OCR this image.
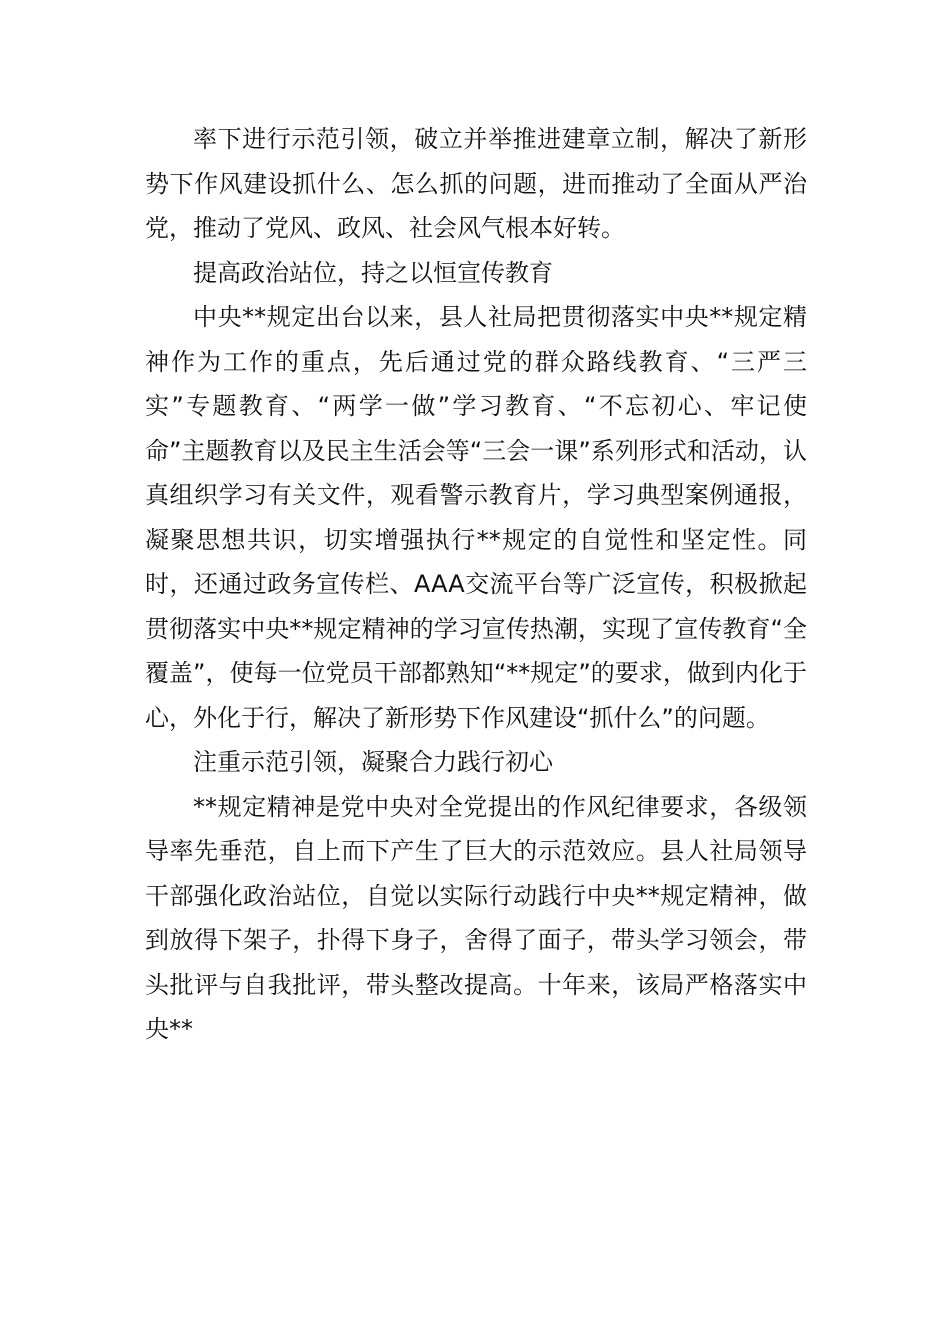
率下进行示范引领，破立并举推进建章立制，解决了新形势下作风建设抓什么、怎么抓的问题，进而推动了全面从严治党，推动了党风、政风、社会风气根本好转。

提高政治站位，持之以恒宣传教育

中央**规定出台以来，县人社局把贯彻落实中央**规定精神作为工作的重点，先后通过党的群众路线教育、“三严三实”专题教育、“两学一做”学习教育、“不忘初心、牢记使命”主题教育以及民主生活会等“三会一课”系列形式和活动，认真组织学习有关文件，观看警示教育片，学习典型案例通报，凝聚思想共识，切实增强执行**规定的自觉性和坚定性。同时，还通过政务宣传栏、AAA交流平台等广泛宣传，积极掀起贯彻落实中央**规定精神的学习宣传热潮，实现了宣传教育“全覆盖”，使每一位党员干部都熟知“**规定”的要求，做到内化于心，外化于行，解决了新形势下作风建设“抓什么”的问题。

注重示范引领，凝聚合力践行初心

**规定精神是党中央对全党提出的作风纪律要求，各级领导率先垂范，自上而下产生了巨大的示范效应。县人社局领导干部强化政治站位，自觉以实际行动践行中央**规定精神，做到放得下架子，扑得下身子，舍得了面子，带头学习领会，带头批评与自我批评，带头整改提高。十年来，该局严格落实中央**
